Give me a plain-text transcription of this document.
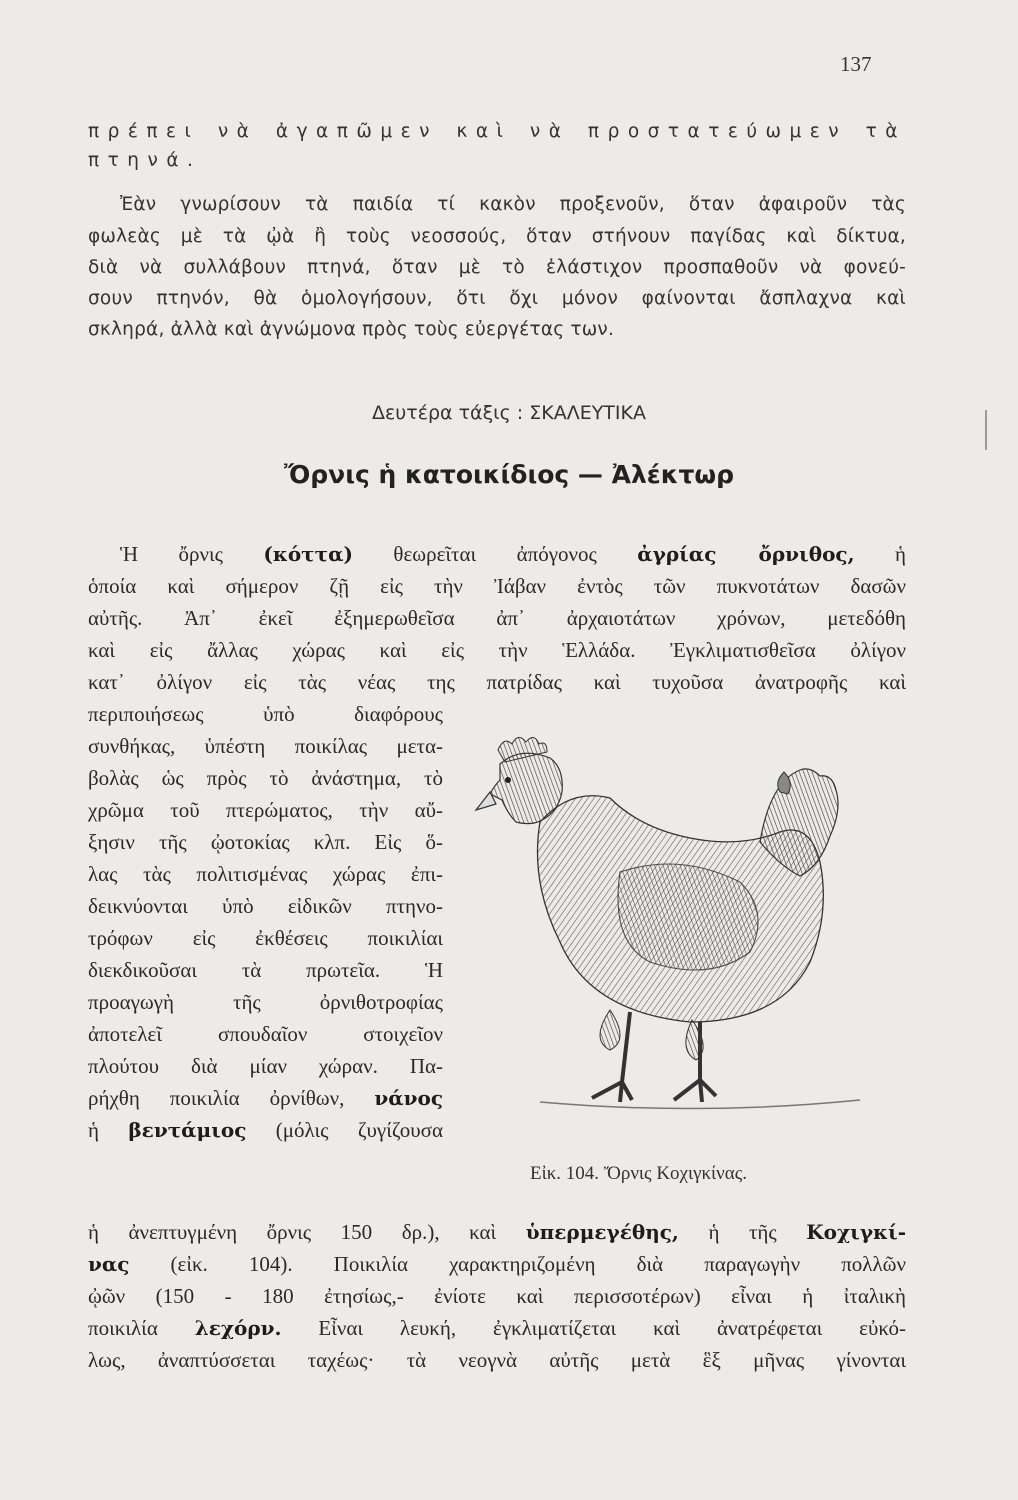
137
πρέπει νὰ ἀγαπῶμεν καὶ νὰ προστατεύωμεν τὰ
πτηνά.
Ἐὰν γνωρίσουν τὰ παιδία τί κακὸν προξενοῦν, ὅταν ἀφαιροῦν τὰς
φωλεὰς μὲ τὰ ᾠὰ ἢ τοὺς νεοσσούς, ὅταν στήνουν παγίδας καὶ δίκτυα,
διὰ νὰ συλλάβουν πτηνά, ὅταν μὲ τὸ ἐλάστιχον προσπαθοῦν νὰ φονεύ-
σουν πτηνόν, θὰ ὁμολογήσουν, ὅτι ὄχι μόνον φαίνονται ἄσπλαχνα καὶ
σκληρά, ἀλλὰ καὶ ἀγνώμονα πρὸς τοὺς εὐεργέτας των.
Δευτέρα τάξις : ΣΚΑΛΕΥΤΙΚΑ
Ὄρνις ἡ κατοικίδιος — Ἀλέκτωρ
Ἡ ὄρνις (κόττα) θεωρεῖται ἀπόγονος ἀγρίας ὄρνιθος, ἡ
ὁποία καὶ σήμερον ζῇ εἰς τὴν Ἰάβαν ἐντὸς τῶν πυκνοτάτων δασῶν
αὐτῆς. Ἀπ᾽ ἐκεῖ ἐξημερωθεῖσα ἀπ᾽ ἀρχαιοτάτων χρόνων, μετεδόθη
καὶ εἰς ἄλλας χώρας καὶ εἰς τὴν Ἑλλάδα. Ἐγκλιματισθεῖσα ὀλίγον
κατ᾽ ὀλίγον εἰς τὰς νέας της πατρίδας καὶ τυχοῦσα ἀνατροφῆς καὶ
περιποιήσεως ὑπὸ διαφόρους
συνθήκας, ὑπέστη ποικίλας μετα-
βολὰς ὡς πρὸς τὸ ἀνάστημα, τὸ
χρῶμα τοῦ πτερώματος, τὴν αὔ-
ξησιν τῆς ᾠοτοκίας κλπ. Εἰς ὅ-
λας τὰς πολιτισμένας χώρας ἐπι-
δεικνύονται ὑπὸ εἰδικῶν πτηνο-
τρόφων εἰς ἐκθέσεις ποικιλίαι
διεκδικοῦσαι τὰ πρωτεῖα. Ἡ
προαγωγὴ τῆς ὀρνιθοτροφίας
ἀποτελεῖ σπουδαῖον στοιχεῖον
πλούτου διὰ μίαν χώραν. Πα-
ρήχθη ποικιλία ὀρνίθων, νάνος
ἡ βεντάμιος (μόλις ζυγίζουσα
Εἰκ. 104. Ὄρνις Κοχιγκίνας.
ἡ ἀνεπτυγμένη ὄρνις 150 δρ.), καὶ ὑπερμεγέθης, ἡ τῆς Κοχιγκί-
νας (εἰκ. 104). Ποικιλία χαρακτηριζομένη διὰ παραγωγὴν πολλῶν
ᾠῶν (150 - 180 ἐτησίως,- ἐνίοτε καὶ περισσοτέρων) εἶναι ἡ ἰταλικὴ
ποικιλία λεχόρν. Εἶναι λευκή, ἐγκλιματίζεται καὶ ἀνατρέφεται εὐκό-
λως, ἀναπτύσσεται ταχέως· τὰ νεογνὰ αὐτῆς μετὰ ἓξ μῆνας γίνονται
